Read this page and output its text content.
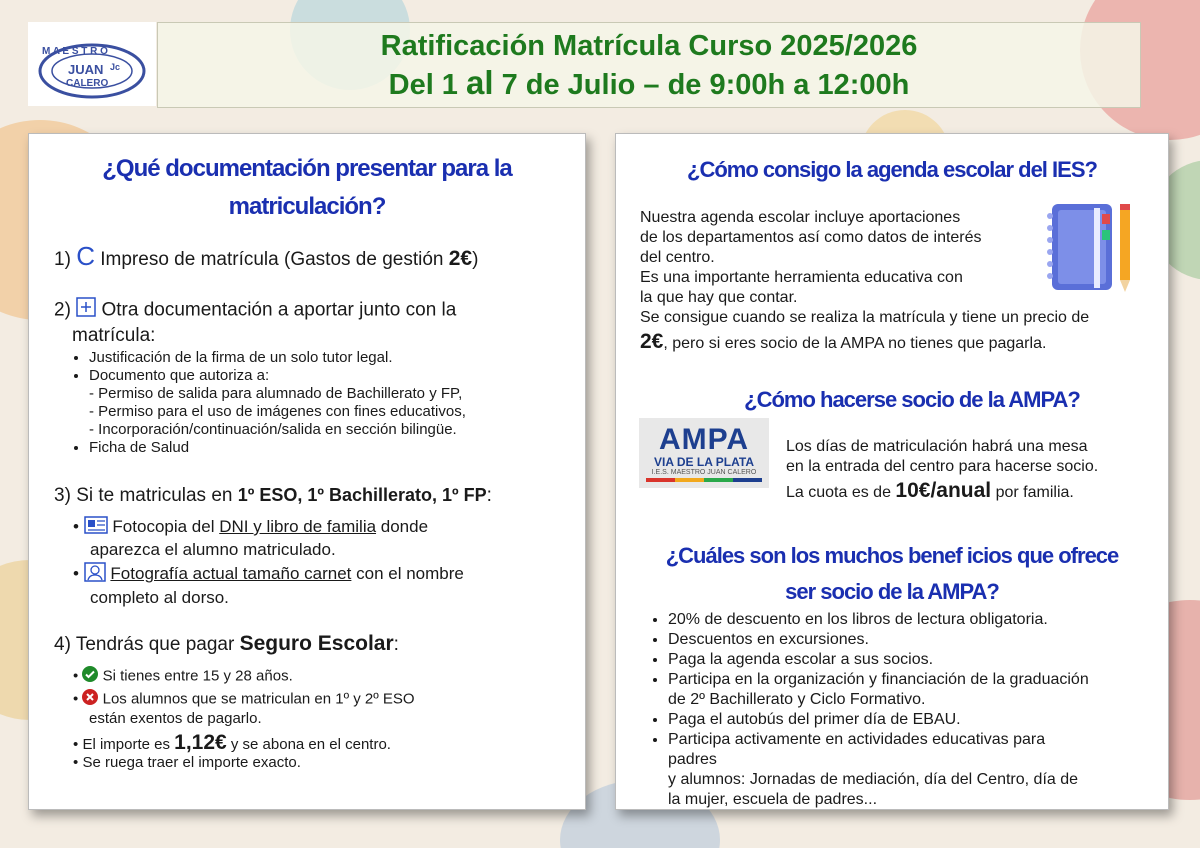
M A E S T R O
JUAN Jc
CALERO
Ratificación Matrícula Curso 2025/2026
Del 1 al 7 de Julio – de 9:00h a 12:00h
¿Qué documentación presentar para la
matriculación?
1) C Impreso de matrícula (Gastos de gestión 2€)
2) Otra documentación a aportar junto con la
matrícula:
• Justificación de la firma de un solo tutor legal.
• Documento que autoriza a:
- Permiso de salida para alumnado de Bachillerato y FP,
- Permiso para el uso de imágenes con fines educativos,
- Incorporación/continuación/salida en sección bilingüe.
• Ficha de Salud
3) Si te matriculas en 1º ESO, 1º Bachillerato, 1º FP:
• Fotocopia del DNI y libro de familia donde
aparezca el alumno matriculado.
• Fotografía actual tamaño carnet con el nombre
completo al dorso.
4) Tendrás que pagar Seguro Escolar:
• Si tienes entre 15 y 28 años.
• Los alumnos que se matriculan en 1º y 2º ESO
están exentos de pagarlo.
• El importe es 1,12€ y se abona en el centro.
• Se ruega traer el importe exacto.
¿Cómo consigo la agenda escolar del IES?
Nuestra agenda escolar incluye aportaciones
de los departamentos así como datos de interés
del centro.
Es una importante herramienta educativa con
la que hay que contar.
Se consigue cuando se realiza la matrícula y tiene un precio de
2€, pero si eres socio de la AMPA no tienes que pagarla.
¿Cómo hacerse socio de la AMPA?
AMPA
VIA DE LA PLATA
I.E.S. MAESTRO JUAN CALERO
Los días de matriculación habrá una mesa
en la entrada del centro para hacerse socio.
La cuota es de 10€/anual por familia.
¿Cuáles son los muchos benef icios que ofrece
ser socio de la AMPA?
• 20% de descuento en los libros de lectura obligatoria.
• Descuentos en excursiones.
• Paga la agenda escolar a sus socios.
• Participa en la organización y financiación de la graduación
de 2º Bachillerato y Ciclo Formativo.
• Paga el autobús del primer día de EBAU.
• Participa activamente en actividades educativas para
padres
y alumnos: Jornadas de mediación, día del Centro, día de
la mujer, escuela de padres...
